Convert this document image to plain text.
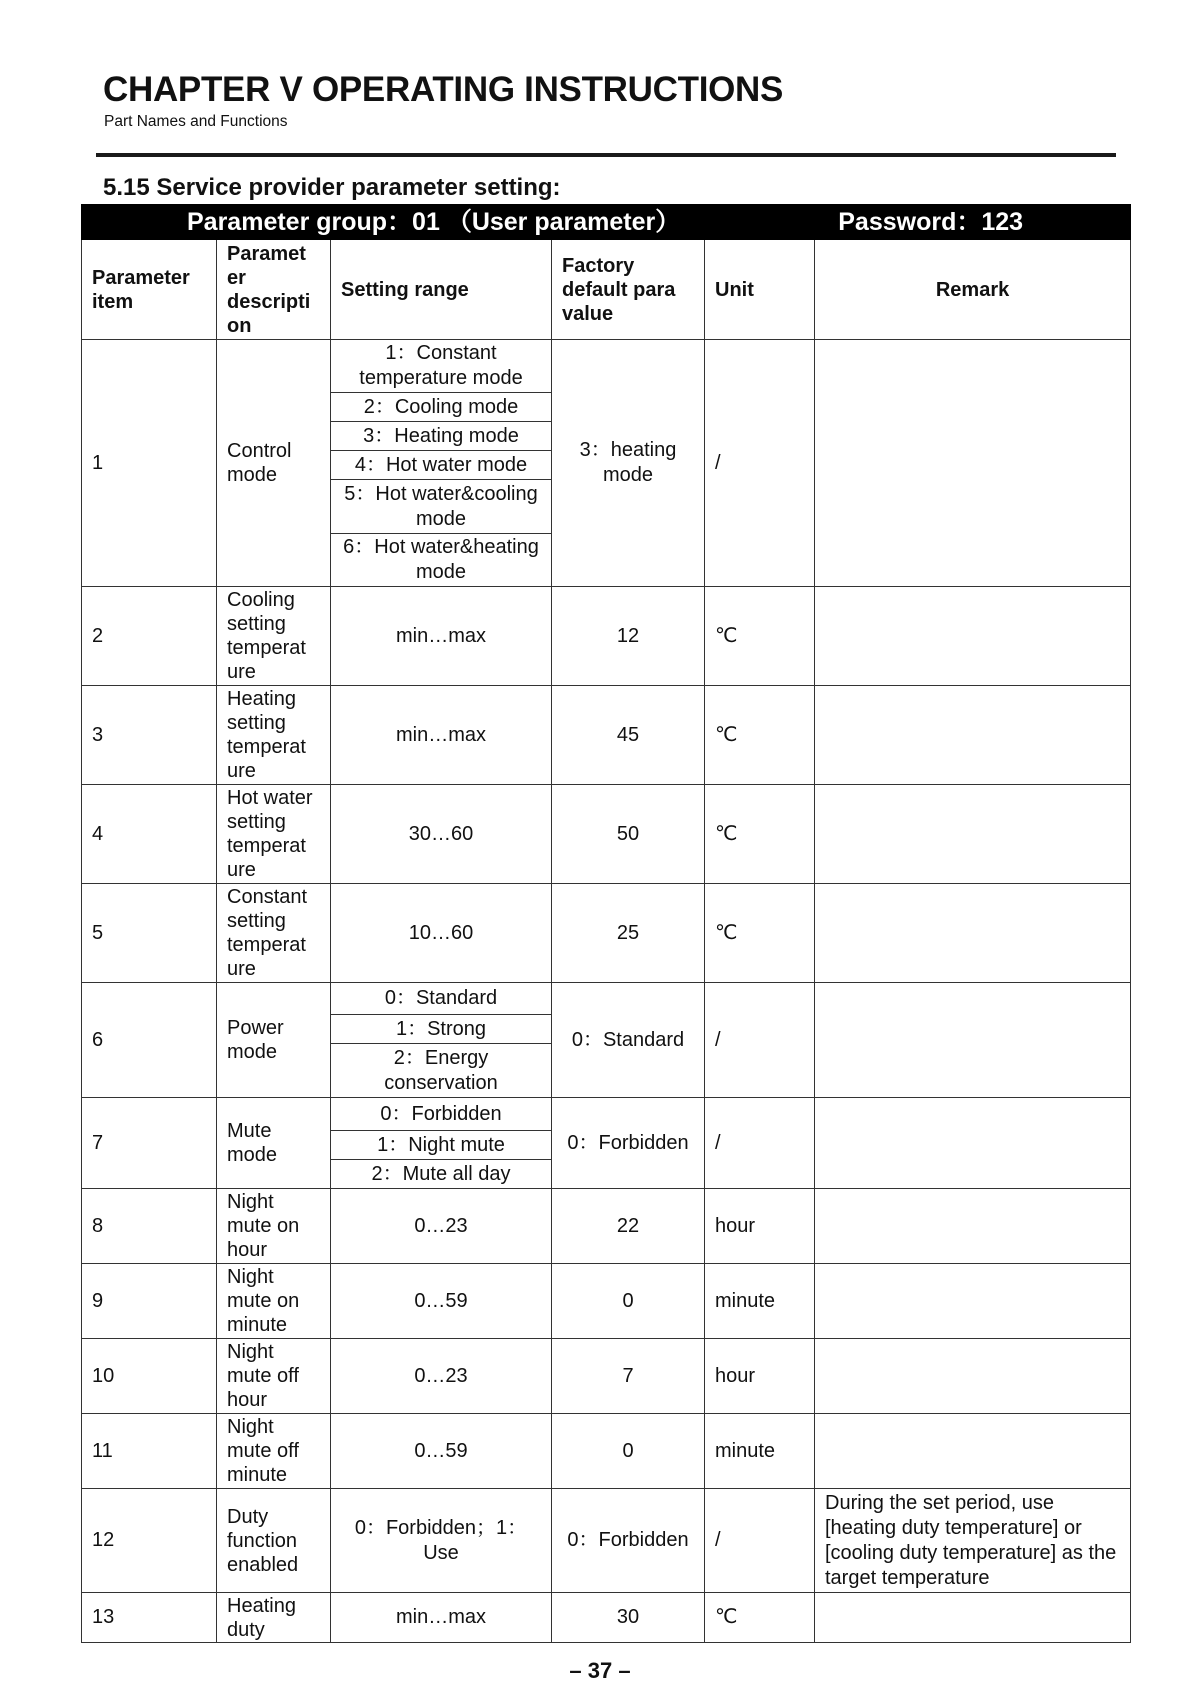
CHAPTER V OPERATING INSTRUCTIONS
Part Names and Functions
5.15 Service provider parameter setting:
Parameter group：01 （User parameter） Password：123					

Parameter item	Paramet er descripti on	Setting range	Factory default para value	Unit	Remark
1	Control mode	1：Constant temperature mode	3：heating mode	/	
		2：Cooling mode			
		3：Heating mode			
		4：Hot water mode			
		5：Hot water&cooling mode			
		6：Hot water&heating mode			
2	Cooling setting temperat ure	min…max	12	℃	
3	Heating setting temperat ure	min…max	45	℃	
4	Hot water setting temperat ure	30…60	50	℃	
5	Constant setting temperat ure	10…60	25	℃	
6	Power mode	0：Standard	0：Standard	/	
		1：Strong			
		2：Energy conservation			
7	Mute mode	0：Forbidden	0：Forbidden	/	
		1：Night mute			
		2：Mute all day			
8	Night mute on hour	0…23	22	hour	
9	Night mute on minute	0…59	0	minute	
10	Night mute off hour	0…23	7	hour	
11	Night mute off minute	0…59	0	minute	
12	Duty function enabled	0：Forbidden；1：Use	0：Forbidden	/	During the set period, use [heating duty temperature] or [cooling duty temperature] as the target temperature
13	Heating duty	min…max	30	℃	
– 37 –
